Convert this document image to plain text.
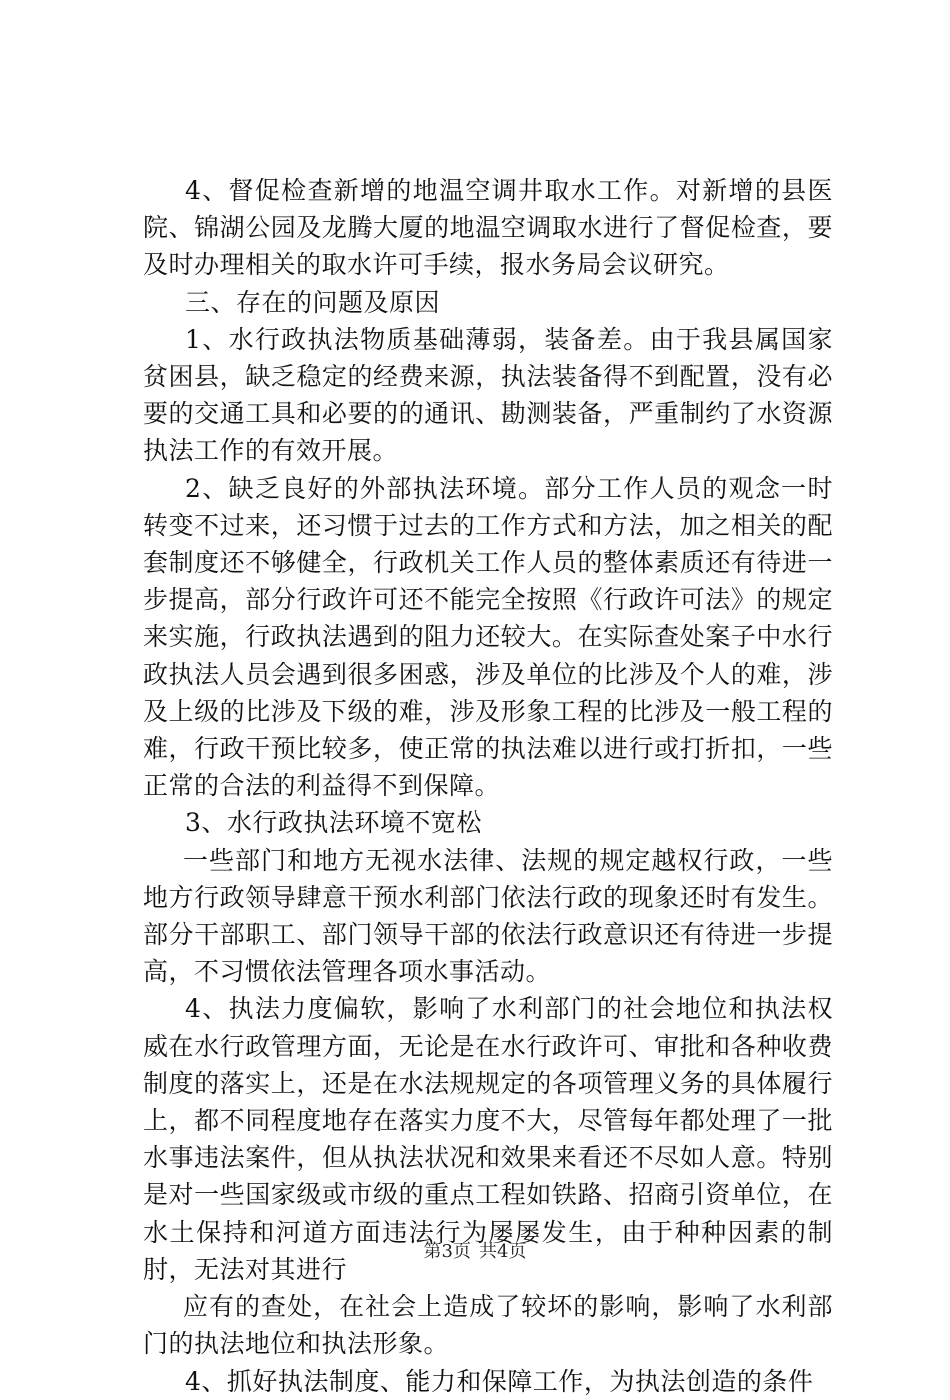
4、督促检查新增的地温空调井取水工作。对新增的县医院、锦湖公园及龙腾大厦的地温空调取水进行了督促检查，要及时办理相关的取水许可手续，报水务局会议研究。

三、存在的问题及原因

1、水行政执法物质基础薄弱，装备差。由于我县属国家贫困县，缺乏稳定的经费来源，执法装备得不到配置，没有必要的交通工具和必要的的通讯、勘测装备，严重制约了水资源执法工作的有效开展。

2、缺乏良好的外部执法环境。部分工作人员的观念一时转变不过来，还习惯于过去的工作方式和方法，加之相关的配套制度还不够健全，行政机关工作人员的整体素质还有待进一步提高，部分行政许可还不能完全按照《行政许可法》的规定来实施，行政执法遇到的阻力还较大。在实际查处案子中水行政执法人员会遇到很多困惑，涉及单位的比涉及个人的难，涉及上级的比涉及下级的难，涉及形象工程的比涉及一般工程的难，行政干预比较多，使正常的执法难以进行或打折扣，一些正常的合法的利益得不到保障。

3、水行政执法环境不宽松

一些部门和地方无视水法律、法规的规定越权行政，一些地方行政领导肆意干预水利部门依法行政的现象还时有发生。部分干部职工、部门领导干部的依法行政意识还有待进一步提高，不习惯依法管理各项水事活动。

4、执法力度偏软，影响了水利部门的社会地位和执法权威在水行政管理方面，无论是在水行政许可、审批和各种收费制度的落实上，还是在水法规规定的各项管理义务的具体履行上，都不同程度地存在落实力度不大，尽管每年都处理了一批水事违法案件，但从执法状况和效果来看还不尽如人意。特别是对一些国家级或市级的重点工程如铁路、招商引资单位，在水土保持和河道方面违法行为屡屡发生，由于种种因素的制肘，无法对其进行

应有的查处，在社会上造成了较坏的影响，影响了水利部门的执法地位和执法形象。

4、抓好执法制度、能力和保障工作，为执法创造的条件

第3页 共4页
